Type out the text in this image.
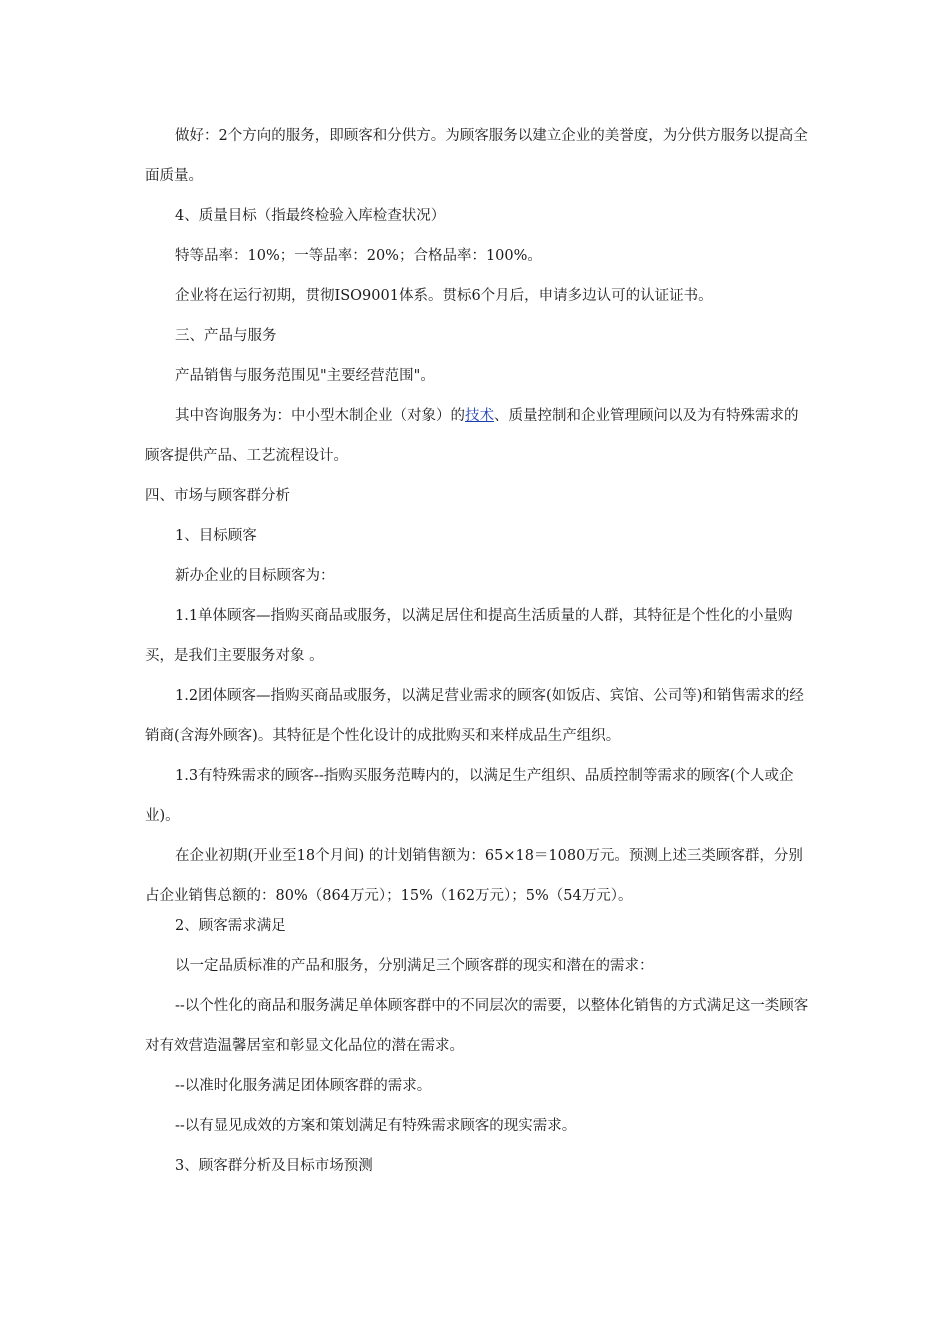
做好：2个方向的服务，即顾客和分供方。为顾客服务以建立企业的美誉度，为分供方服务以提高全面质量。

4、质量目标（指最终检验入库检查状况）

特等品率：10%；一等品率：20%；合格品率：100%。

企业将在运行初期，贯彻ISO9001体系。贯标6个月后，申请多边认可的认证证书。

三、产品与服务

产品销售与服务范围见"主要经营范围"。

其中咨询服务为：中小型木制企业（对象）的技术、质量控制和企业管理顾问以及为有特殊需求的顾客提供产品、工艺流程设计。

四、市场与顾客群分析

1、目标顾客

新办企业的目标顾客为：

1.1单体顾客—指购买商品或服务，以满足居住和提高生活质量的人群，其特征是个性化的小量购买，是我们主要服务对象 。

1.2团体顾客—指购买商品或服务，以满足营业需求的顾客(如饭店、宾馆、公司等)和销售需求的经销商(含海外顾客)。其特征是个性化设计的成批购买和来样成品生产组织。

1.3有特殊需求的顾客--指购买服务范畴内的，以满足生产组织、品质控制等需求的顾客(个人或企业)。

在企业初期(开业至18个月间) 的计划销售额为：65×18＝1080万元。预测上述三类顾客群，分别占企业销售总额的：80%（864万元）；15%（162万元）；5%（54万元）。

2、顾客需求满足

以一定品质标准的产品和服务，分别满足三个顾客群的现实和潜在的需求：

--以个性化的商品和服务满足单体顾客群中的不同层次的需要，以整体化销售的方式满足这一类顾客对有效营造温馨居室和彰显文化品位的潜在需求。

--以准时化服务满足团体顾客群的需求。

--以有显见成效的方案和策划满足有特殊需求顾客的现实需求。

3、顾客群分析及目标市场预测
